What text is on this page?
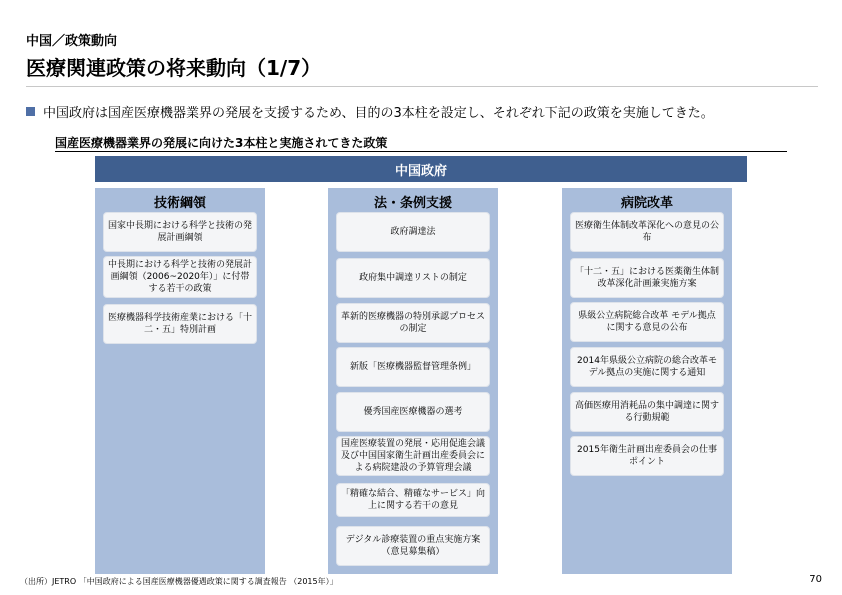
中国／政策動向
医療関連政策の将来動向（1/7）
中国政府は国産医療機器業界の発展を支援するため、目的の3本柱を設定し、それぞれ下記の政策を実施してきた。
国産医療機器業界の発展に向けた3本柱と実施されてきた政策
中国政府
技術綱領
国家中長期における科学と技術の発展計画綱領
中長期における科学と技術の発展計画綱領（2006~2020年）」に付帯する若干の政策
医療機器科学技術産業における「十二・五」特別計画
法・条例支援
政府調達法
政府集中調達リストの制定
革新的医療機器の特別承認プロセスの制定
新版「医療機器監督管理条例」
優秀国産医療機器の選考
国産医療装置の発展・応用促進会議及び中国国家衛生計画出産委員会による病院建設の予算管理会議
「精確な結合、精確なサービス」向上に関する若干の意見
デジタル診療装置の重点実施方案（意見募集稿）
病院改革
医療衛生体制改革深化への意見の公布
「十二・五」における医薬衛生体制改革深化計画兼実施方案
県級公立病院総合改革 モデル拠点に関する意見の公布
2014年県級公立病院の総合改革モデル拠点の実施に関する通知
高価医療用消耗品の集中調達に関する行動規範
2015年衛生計画出産委員会の仕事ポイント
（出所）JETRO 「中国政府による国産医療機器優遇政策に関する調査報告 （2015年）」	70
